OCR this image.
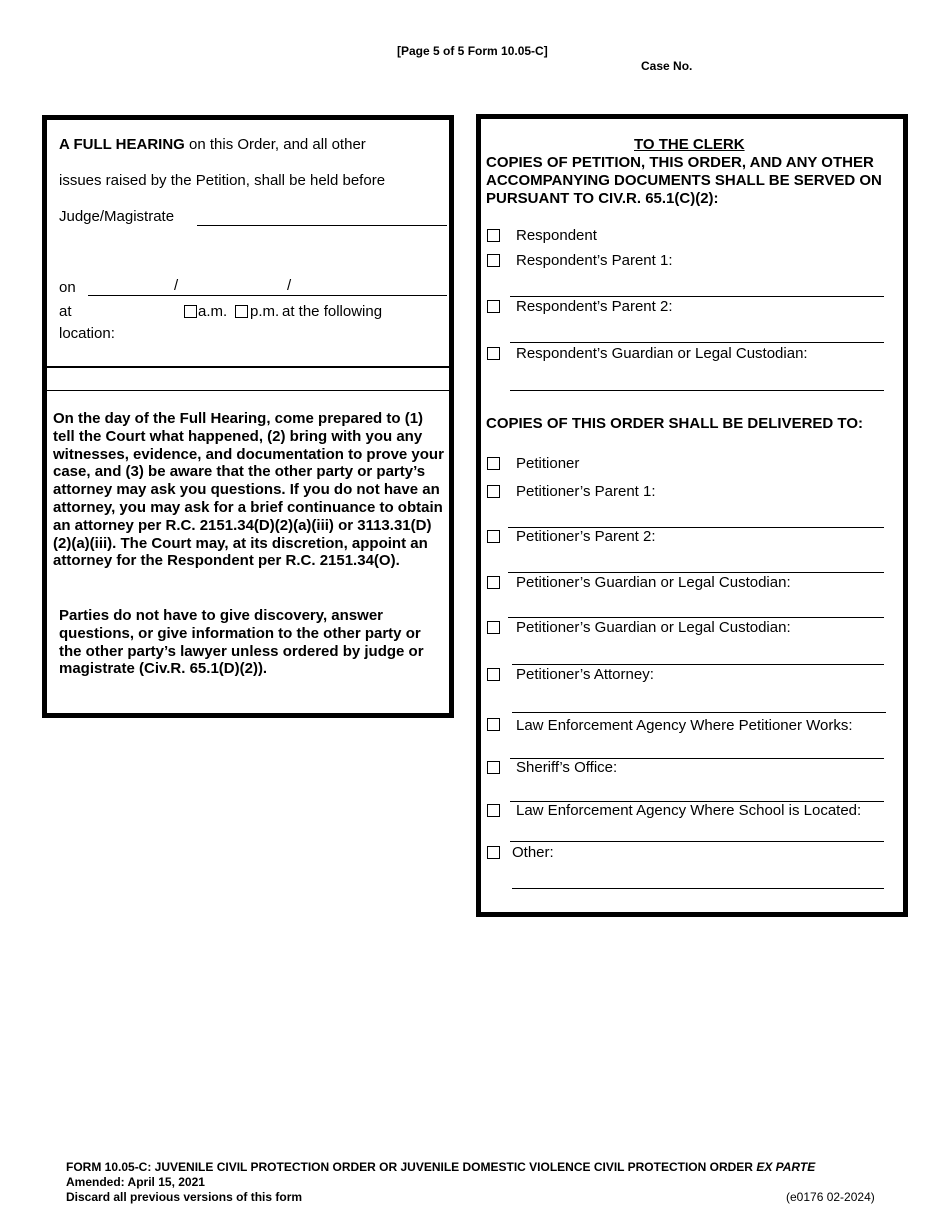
[Page 5 of 5 Form 10.05-C]
Case No.
A FULL HEARING on this Order, and all other
issues raised by the Petition, shall be held before
Judge/Magistrate
on	/	/
at	a.m. p.m. at the following
location:
On the day of the Full Hearing, come prepared to (1) tell the Court what happened, (2) bring with you any witnesses, evidence, and documentation to prove your case, and (3) be aware that the other party or party’s attorney may ask you questions. If you do not have an attorney, you may ask for a brief continuance to obtain an attorney per R.C. 2151.34(D)(2)(a)(iii) or 3113.31(D)(2)(a)(iii). The Court may, at its discretion, appoint an attorney for the Respondent per R.C. 2151.34(O).
Parties do not have to give discovery, answer questions, or give information to the other party or the other party’s lawyer unless ordered by judge or magistrate (Civ.R. 65.1(D)(2)).
TO THE CLERK
COPIES OF PETITION, THIS ORDER, AND ANY OTHER ACCOMPANYING DOCUMENTS SHALL BE SERVED ON PURSUANT TO CIV.R. 65.1(C)(2):
Respondent
Respondent’s Parent 1:
Respondent’s Parent 2:
Respondent’s Guardian or Legal Custodian:
COPIES OF THIS ORDER SHALL BE DELIVERED TO:
Petitioner
Petitioner’s Parent 1:
Petitioner’s Parent 2:
Petitioner’s Guardian or Legal Custodian:
Petitioner’s Guardian or Legal Custodian:
Petitioner’s Attorney:
Law Enforcement Agency Where Petitioner Works:
Sheriff’s Office:
Law Enforcement Agency Where School is Located:
Other:
FORM 10.05-C: JUVENILE CIVIL PROTECTION ORDER OR JUVENILE DOMESTIC VIOLENCE CIVIL PROTECTION ORDER EX PARTE
Amended: April 15, 2021
Discard all previous versions of this form	(e0176 02-2024)
